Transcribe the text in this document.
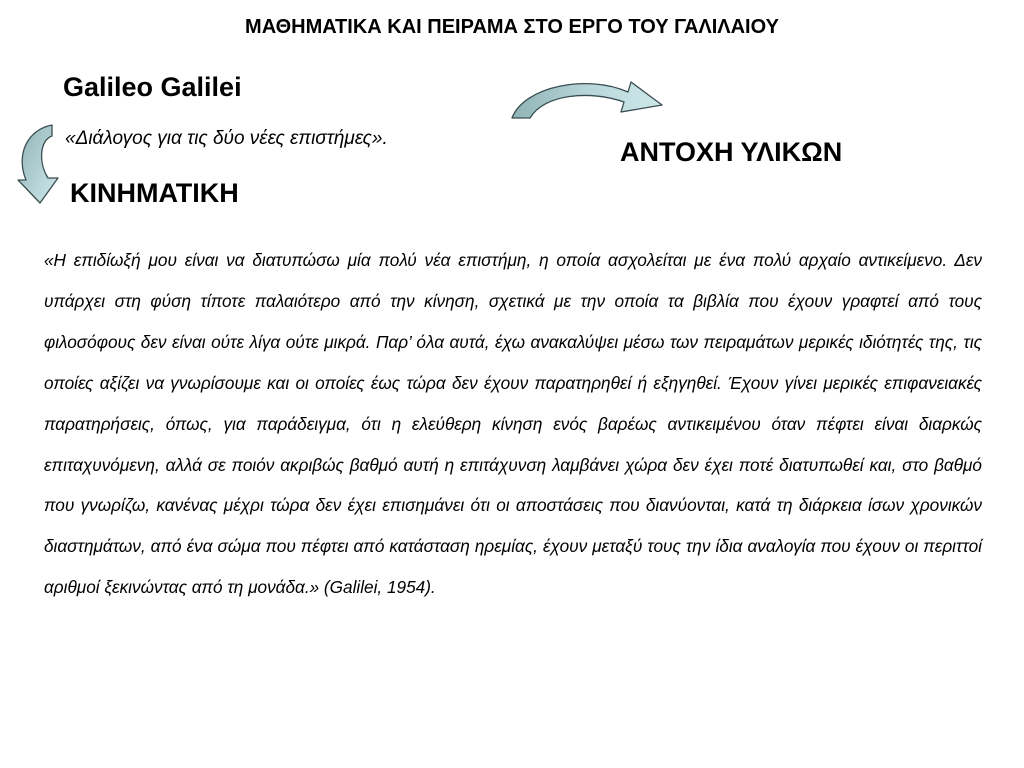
ΜΑΘΗΜΑΤΙΚΑ ΚΑΙ ΠΕΙΡΑΜΑ ΣΤΟ ΕΡΓΟ ΤΟΥ ΓΑΛΙΛΑΙΟΥ
Galileo Galilei
«Διάλογος για τις δύο νέες επιστήμες».
ΚΙΝΗΜΑΤΙΚΗ
ΑΝΤΟΧΗ ΥΛΙΚΩΝ

«Η επιδίωξή μου είναι να διατυπώσω μία πολύ νέα επιστήμη, η οποία ασχολείται με ένα πολύ αρχαίο αντικείμενο. Δεν υπάρχει στη φύση τίποτε παλαιότερο από την κίνηση, σχετικά με την οποία τα βιβλία που έχουν γραφτεί από τους φιλοσόφους δεν είναι ούτε λίγα ούτε μικρά. Παρ’ όλα αυτά, έχω ανακαλύψει μέσω των πειραμάτων μερικές ιδιότητές της, τις οποίες αξίζει να γνωρίσουμε και οι οποίες έως τώρα δεν έχουν παρατηρηθεί ή εξηγηθεί. Έχουν γίνει μερικές επιφανειακές παρατηρήσεις, όπως, για παράδειγμα, ότι η ελεύθερη κίνηση ενός βαρέως αντικειμένου όταν πέφτει είναι διαρκώς επιταχυνόμενη, αλλά σε ποιόν ακριβώς βαθμό αυτή η επιτάχυνση λαμβάνει χώρα δεν έχει ποτέ διατυπωθεί και, στο βαθμό που γνωρίζω, κανένας μέχρι τώρα δεν έχει επισημάνει ότι οι αποστάσεις που διανύονται, κατά τη διάρκεια ίσων χρονικών διαστημάτων, από ένα σώμα που πέφτει από κατάσταση ηρεμίας, έχουν μεταξύ τους την ίδια αναλογία που έχουν οι περιττοί αριθμοί ξεκινώντας από τη μονάδα.» (Galilei, 1954).
